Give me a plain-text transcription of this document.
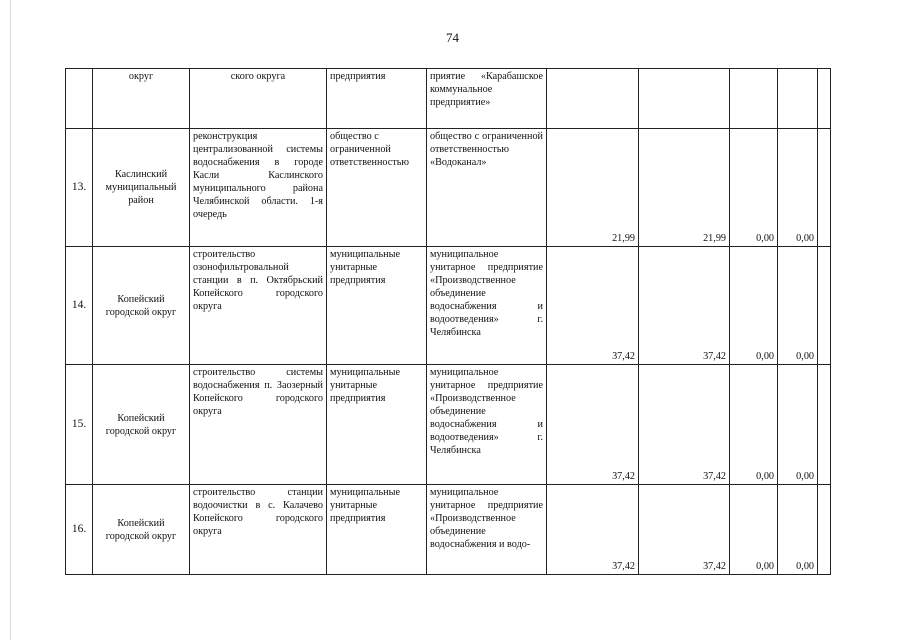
74
	округ	ского округа	предприятия	приятие «Карабашское коммунальное предприятие»					
13.	Каслинский муниципальный район	реконструкция централизованной системы водоснабжения в городе Касли Каслинского муниципального района Челябинской области. 1-я очередь	общество с ограниченной ответственностью	общество с ограниченной ответственностью «Водоканал»	21,99	21,99	0,00	0,00	
14.	Копейский городской округ	строительство озонофильтровальной станции в п. Октябрьский Копейского городского округа	муниципальные унитарные предприятия	муниципальное унитарное предприятие «Производственное объединение водоснабжения и водоотведения» г. Челябинска	37,42	37,42	0,00	0,00	
15.	Копейский городской округ	строительство системы водоснабжения п. Заозерный Копейского городского округа	муниципальные унитарные предприятия	муниципальное унитарное предприятие «Производственное объединение водоснабжения и водоотведения» г. Челябинска	37,42	37,42	0,00	0,00	
16.	Копейский городской округ	строительство станции водоочистки в с. Калачево Копейского городского округа	муниципальные унитарные предприятия	муниципальное унитарное предприятие «Производственное объединение водоснабжения и водо-	37,42	37,42	0,00	0,00	
